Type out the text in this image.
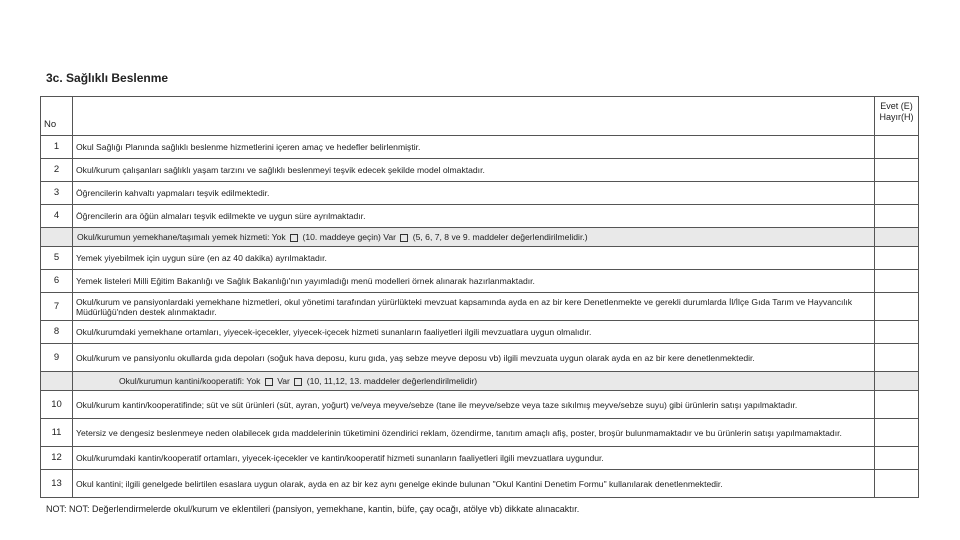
3c. Sağlıklı Beslenme
No		Evet (E)
Hayır(H)

1	Okul Sağlığı Planında sağlıklı beslenme hizmetlerini içeren amaç ve hedefler belirlenmiştir.	
2	Okul/kurum çalışanları sağlıklı yaşam tarzını ve sağlıklı beslenmeyi teşvik edecek şekilde model olmaktadır.	
3	Öğrencilerin kahvaltı yapmaları teşvik edilmektedir.	
4	Öğrencilerin ara öğün almaları teşvik edilmekte ve uygun süre ayrılmaktadır.	
	Okul/kurumun yemekhane/taşımalı yemek hizmeti: Yok (10. maddeye geçin) Var (5, 6, 7, 8 ve 9. maddeler değerlendirilmelidir.)	
5	Yemek yiyebilmek için uygun süre (en az 40 dakika) ayrılmaktadır.	
6	Yemek listeleri Milli Eğitim Bakanlığı ve Sağlık Bakanlığı'nın yayımladığı menü modelleri örnek alınarak hazırlanmaktadır.	
7	Okul/kurum ve pansiyonlardaki yemekhane hizmetleri, okul yönetimi tarafından yürürlükteki mevzuat kapsamında ayda en az bir kere Denetlenmekte ve gerekli durumlarda İl/İlçe Gıda Tarım ve Hayvancılık Müdürlüğü'nden destek alınmaktadır.	
8	Okul/kurumdaki yemekhane ortamları, yiyecek-içecekler, yiyecek-içecek hizmeti sunanların faaliyetleri ilgili mevzuatlara uygun olmalıdır.	
9	Okul/kurum ve pansiyonlu okullarda gıda depoları (soğuk hava deposu, kuru gıda, yaş sebze meyve deposu vb) ilgili mevzuata uygun olarak ayda en az bir kere denetlenmektedir.	
	Okul/kurumun kantini/kooperatifi: Yok Var (10, 11,12, 13. maddeler değerlendirilmelidir)	
10	Okul/kurum kantin/kooperatifinde; süt ve süt ürünleri (süt, ayran, yoğurt) ve/veya meyve/sebze (tane ile meyve/sebze veya taze sıkılmış meyve/sebze suyu) gibi ürünlerin satışı yapılmaktadır.	
11	Yetersiz ve dengesiz beslenmeye neden olabilecek gıda maddelerinin tüketimini özendirici reklam, özendirme, tanıtım amaçlı afiş, poster, broşür bulunmamaktadır ve bu ürünlerin satışı yapılmamaktadır.	
12	Okul/kurumdaki kantin/kooperatif ortamları, yiyecek-içecekler ve kantin/kooperatif hizmeti sunanların faaliyetleri ilgili mevzuatlara uygundur.	
13	Okul kantini; ilgili genelgede belirtilen esaslara uygun olarak, ayda en az bir kez aynı genelge ekinde bulunan "Okul Kantini Denetim Formu" kullanılarak denetlenmektedir.	
NOT: NOT: Değerlendirmelerde okul/kurum ve eklentileri (pansiyon, yemekhane, kantin, büfe, çay ocağı, atölye vb) dikkate alınacaktır.
